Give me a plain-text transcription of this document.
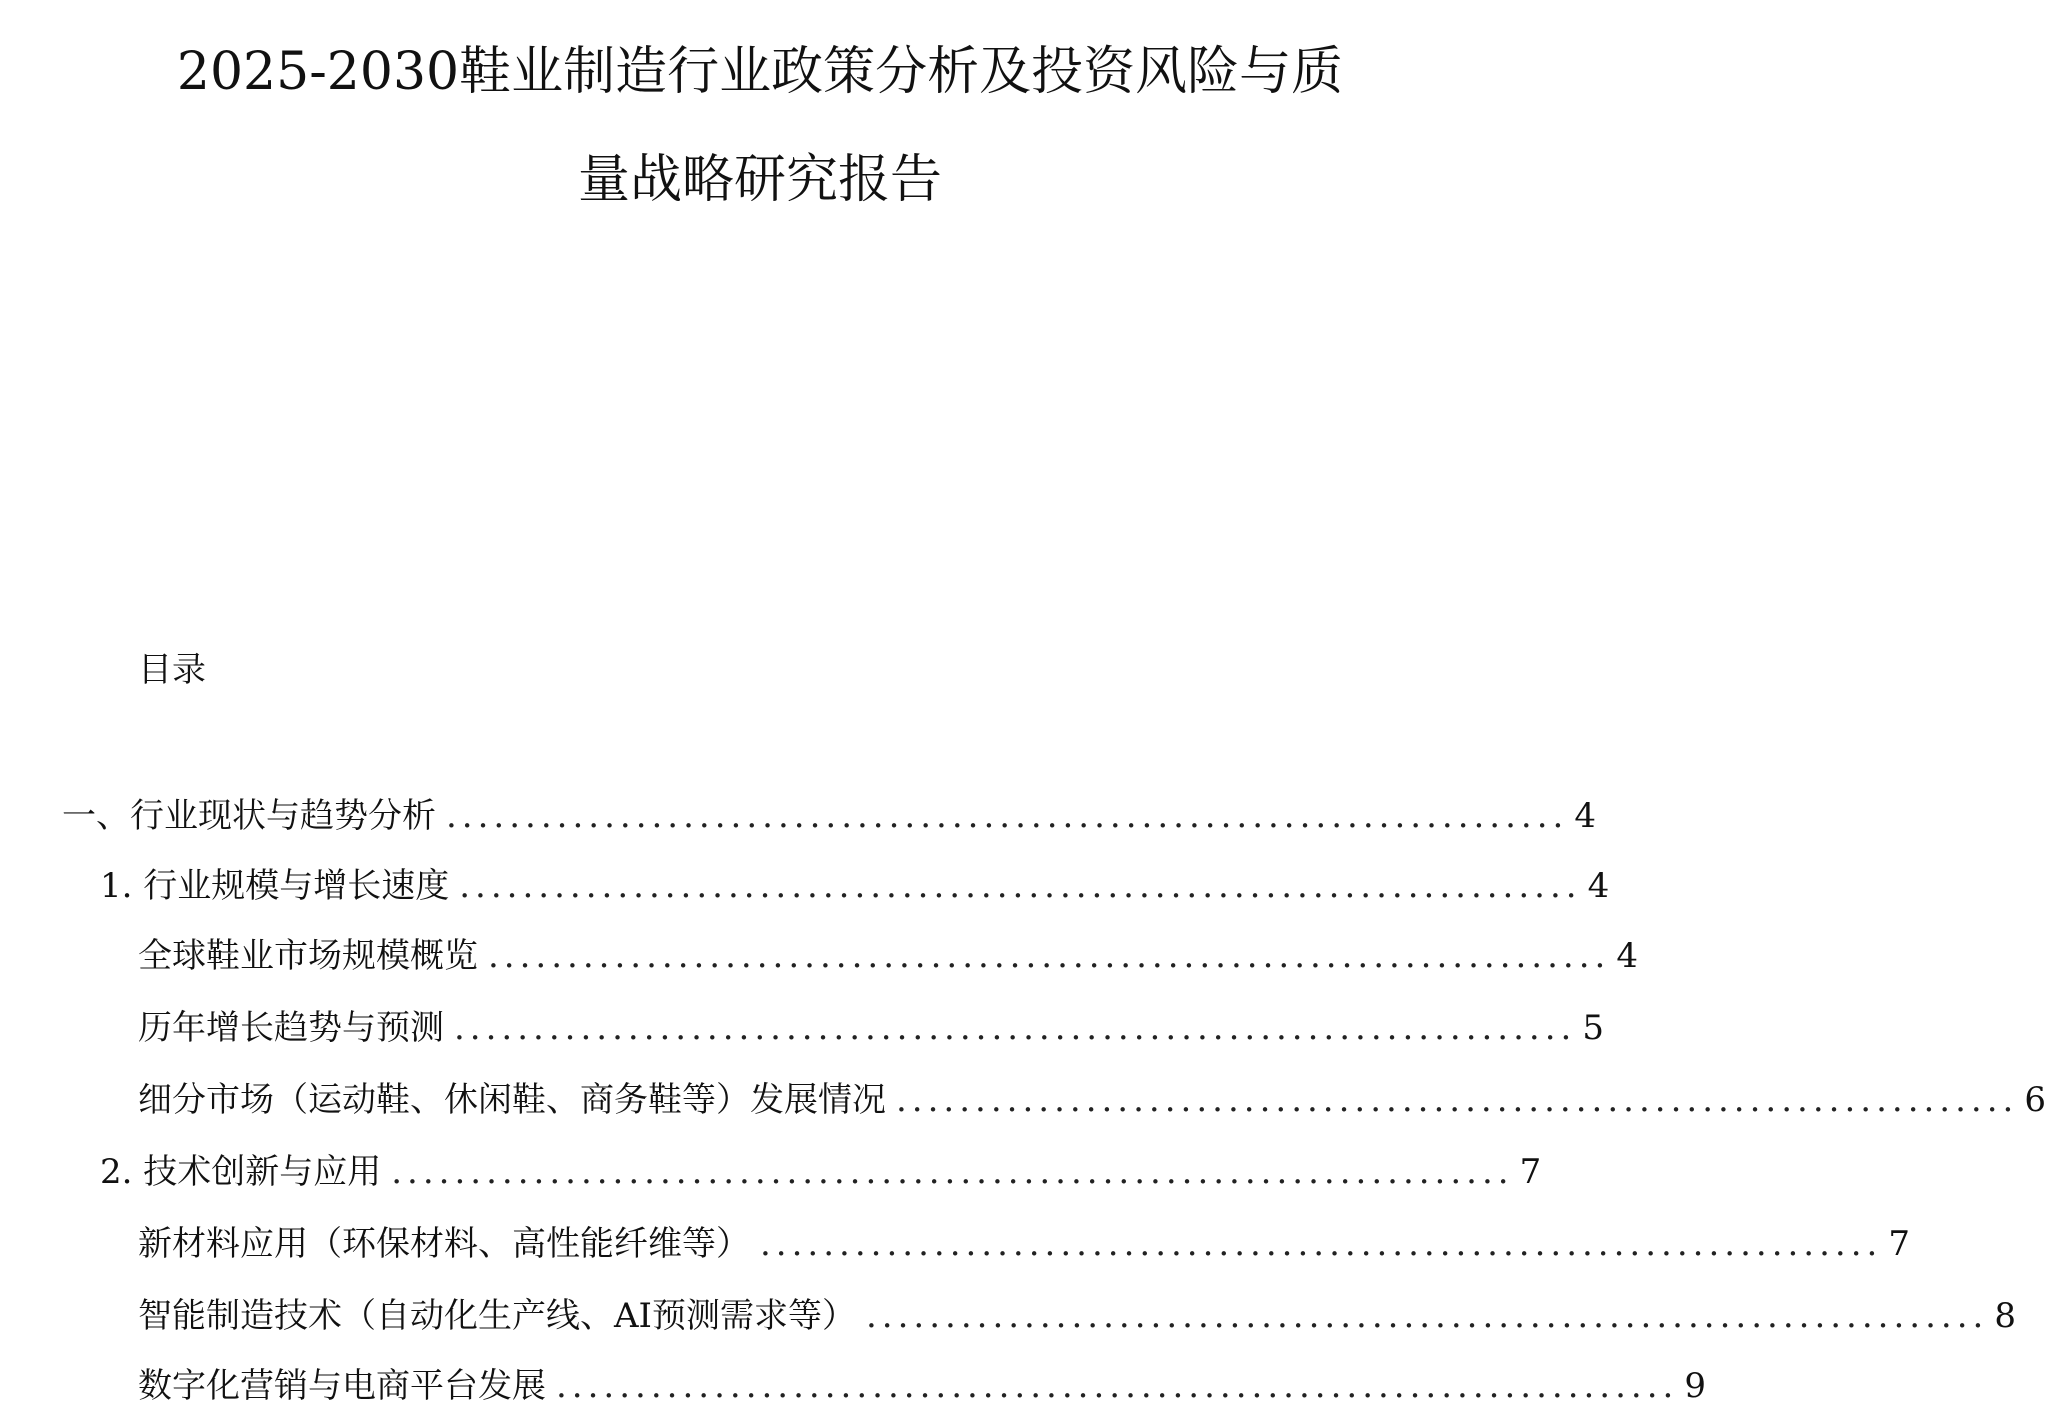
2025-2030鞋业制造行业政策分析及投资风险与质
量战略研究报告
目录
一、行业现状与趋势分析 ....................................................................... 4
1. 行业规模与增长速度 ....................................................................... 4
全球鞋业市场规模概览 ....................................................................... 4
历年增长趋势与预测 ....................................................................... 5
细分市场（运动鞋、休闲鞋、商务鞋等）发展情况 ....................................................................... 6
2. 技术创新与应用 ....................................................................... 7
新材料应用（环保材料、高性能纤维等） ....................................................................... 7
智能制造技术（自动化生产线、AI预测需求等） ....................................................................... 8
数字化营销与电商平台发展 ....................................................................... 9
